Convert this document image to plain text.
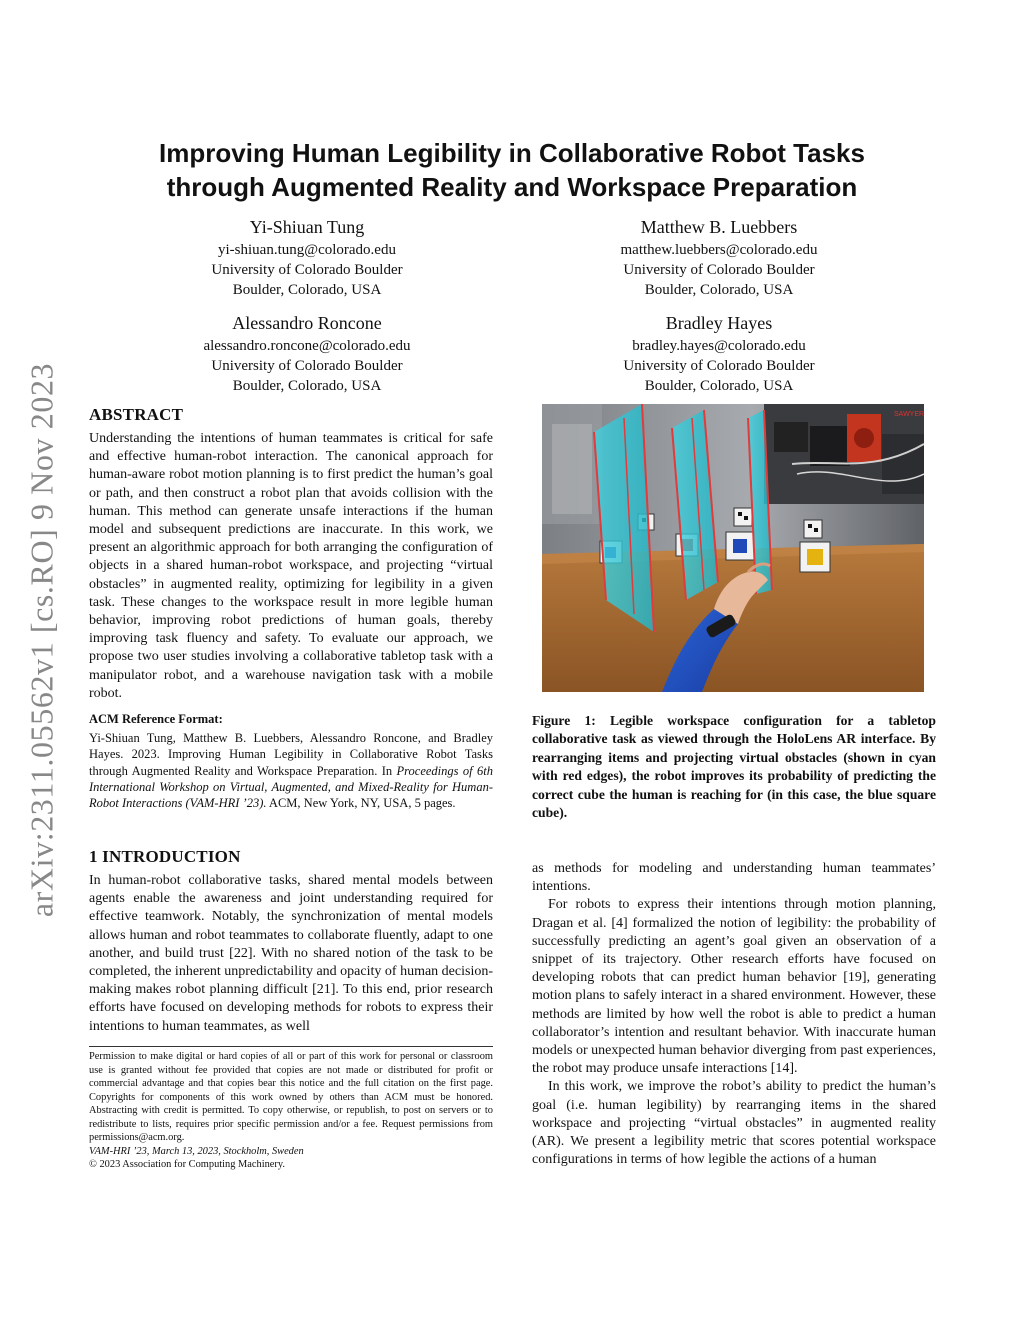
arXiv:2311.05562v1 [cs.RO] 9 Nov 2023
Improving Human Legibility in Collaborative Robot Tasks
through Augmented Reality and Workspace Preparation
Yi-Shiuan Tung
yi-shiuan.tung@colorado.edu
University of Colorado Boulder
Boulder, Colorado, USA
Matthew B. Luebbers
matthew.luebbers@colorado.edu
University of Colorado Boulder
Boulder, Colorado, USA
Alessandro Roncone
alessandro.roncone@colorado.edu
University of Colorado Boulder
Boulder, Colorado, USA
Bradley Hayes
bradley.hayes@colorado.edu
University of Colorado Boulder
Boulder, Colorado, USA
ABSTRACT

Understanding the intentions of human teammates is critical for safe and effective human-robot interaction. The canonical approach for human-aware robot motion planning is to first predict the human’s goal or path, and then construct a robot plan that avoids collision with the human. This method can generate unsafe interactions if the human model and subsequent predictions are inaccurate. In this work, we present an algorithmic approach for both arranging the configuration of objects in a shared human-robot workspace, and projecting “virtual obstacles” in augmented reality, optimizing for legibility in a given task. These changes to the workspace result in more legible human behavior, improving robot predictions of human goals, thereby improving task fluency and safety. To evaluate our approach, we propose two user studies involving a collaborative tabletop task with a manipulator robot, and a warehouse navigation task with a mobile robot.

ACM Reference Format:
Yi-Shiuan Tung, Matthew B. Luebbers, Alessandro Roncone, and Bradley Hayes. 2023. Improving Human Legibility in Collaborative Robot Tasks through Augmented Reality and Workspace Preparation. In Proceedings of 6th International Workshop on Virtual, Augmented, and Mixed-Reality for Human-Robot Interactions (VAM-HRI ’23). ACM, New York, NY, USA, 5 pages.
1 INTRODUCTION

In human-robot collaborative tasks, shared mental models between agents enable the awareness and joint understanding required for effective teamwork. Notably, the synchronization of mental models allows human and robot teammates to collaborate fluently, adapt to one another, and build trust [22]. With no shared notion of the task to be completed, the inherent unpredictability and opacity of human decision-making makes robot planning difficult [21]. To this end, prior research efforts have focused on developing methods for robots to express their intentions to human teammates, as well

Permission to make digital or hard copies of all or part of this work for personal or classroom use is granted without fee provided that copies are not made or distributed for profit or commercial advantage and that copies bear this notice and the full citation on the first page. Copyrights for components of this work owned by others than ACM must be honored. Abstracting with credit is permitted. To copy otherwise, or republish, to post on servers or to redistribute to lists, requires prior specific permission and/or a fee. Request permissions from permissions@acm.org.
VAM-HRI ’23, March 13, 2023, Stockholm, Sweden
© 2023 Association for Computing Machinery.
SAWYER
Figure 1: Legible workspace configuration for a tabletop collaborative task as viewed through the HoloLens AR interface. By rearranging items and projecting virtual obstacles (shown in cyan with red edges), the robot improves its probability of predicting the correct cube the human is reaching for (in this case, the blue square cube).

as methods for modeling and understanding human teammates’ intentions.

For robots to express their intentions through motion planning, Dragan et al. [4] formalized the notion of legibility: the probability of successfully predicting an agent’s goal given an observation of a snippet of its trajectory. Other research efforts have focused on developing robots that can predict human behavior [19], generating motion plans to safely interact in a shared environment. However, these methods are limited by how well the robot is able to predict a human collaborator’s intention and resultant behavior. With inaccurate human models or unexpected human behavior diverging from past experiences, the robot may produce unsafe interactions [14].

In this work, we improve the robot’s ability to predict the human’s goal (i.e. human legibility) by rearranging items in the shared workspace and projecting “virtual obstacles” in augmented reality (AR). We present a legibility metric that scores potential workspace configurations in terms of how legible the actions of a human
